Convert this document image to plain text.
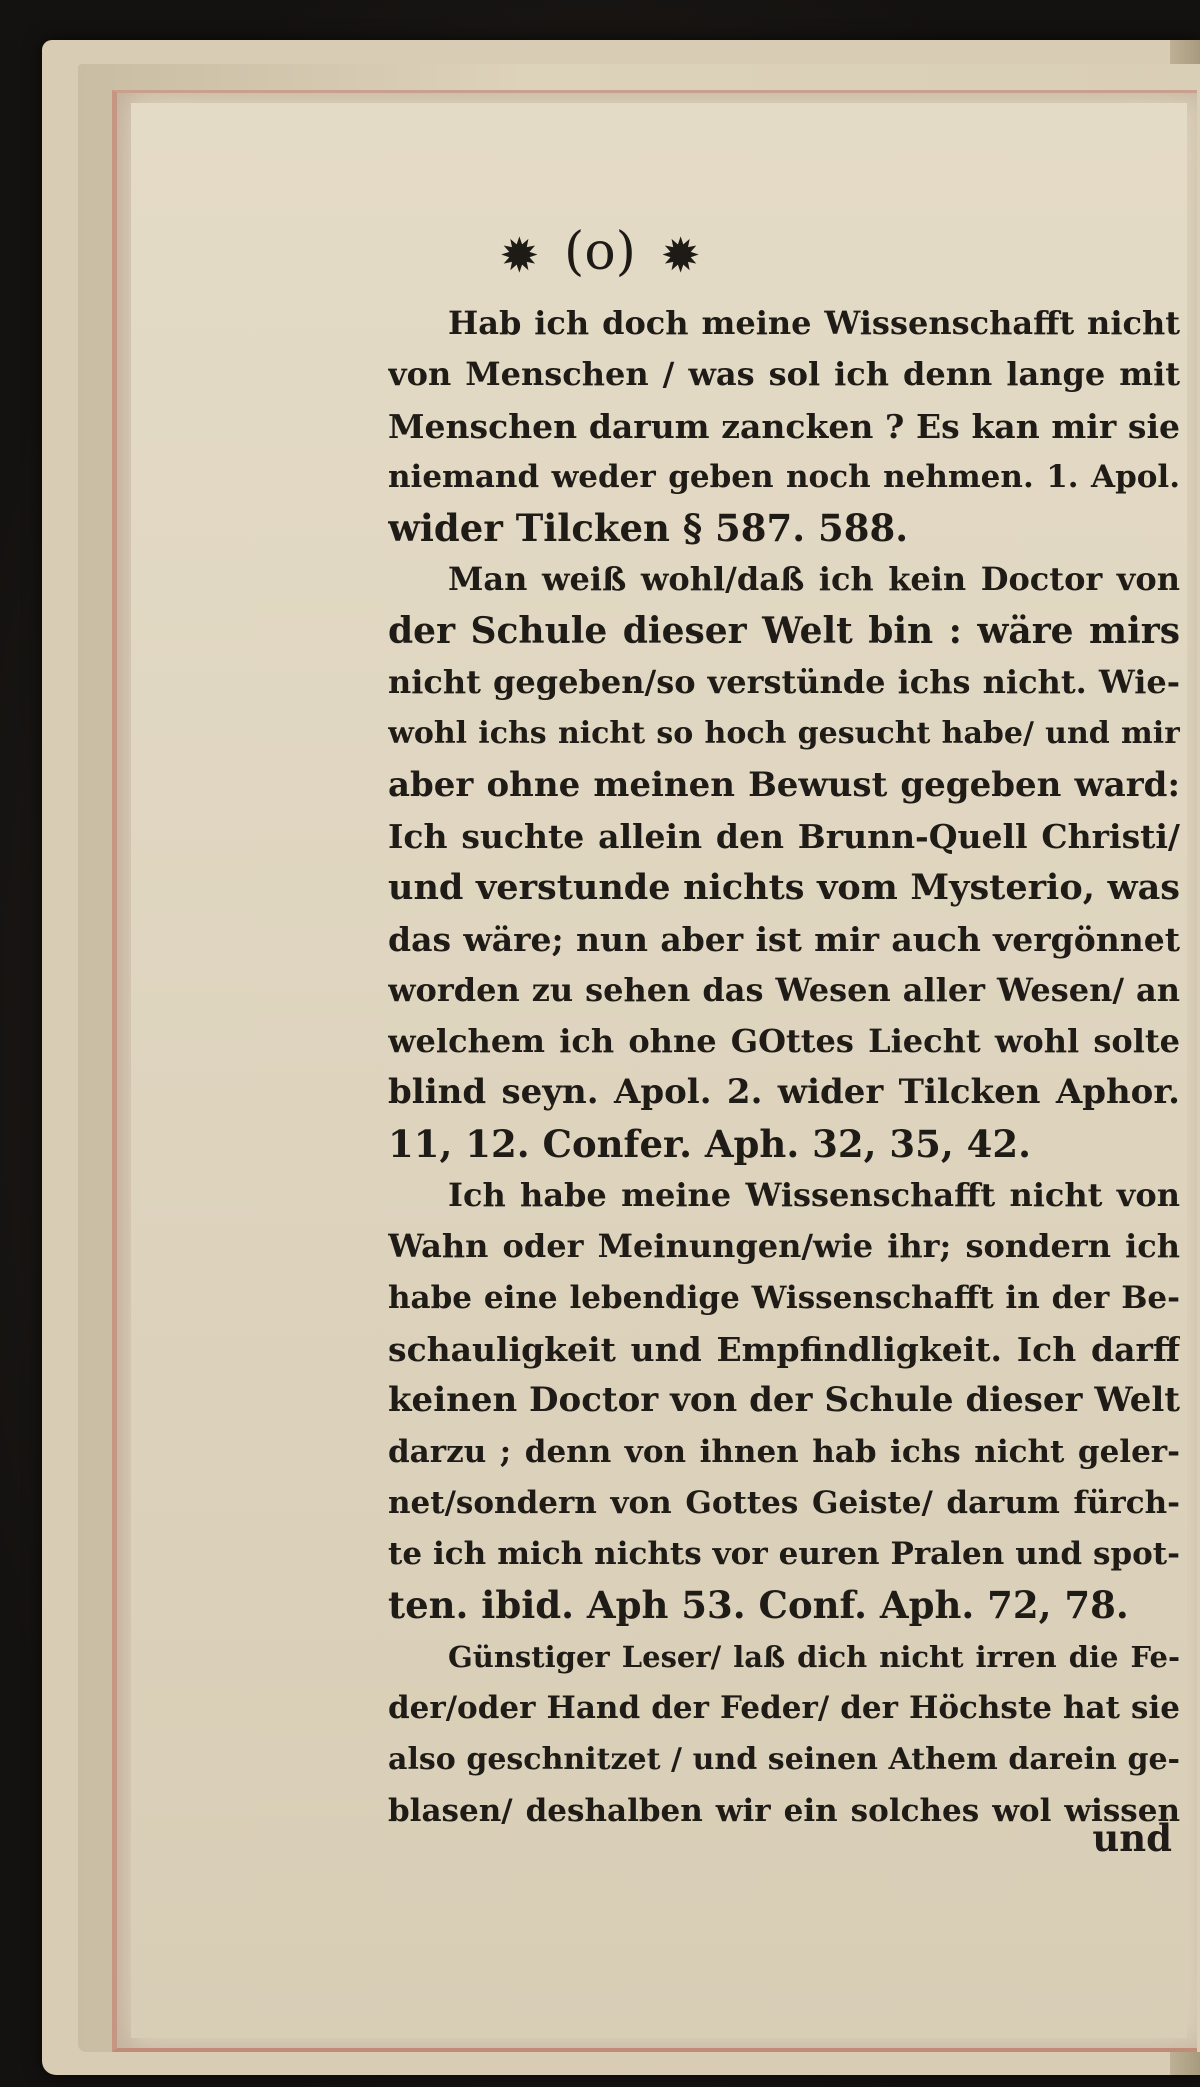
✹ (o) ✹
Hab ich doch meine Wissenschafft nicht
von Menschen / was sol ich denn lange mit
Menschen darum zancken ? Es kan mir sie
niemand weder geben noch nehmen. 1. Apol.
wider Tilcken § 587. 588.
Man weiß wohl/daß ich kein Doctor von
der Schule dieser Welt bin : wäre mirs
nicht gegeben/so verstünde ichs nicht. Wie-
wohl ichs nicht so hoch gesucht habe/ und mir
aber ohne meinen Bewust gegeben ward:
Ich suchte allein den Brunn-Quell Christi/
und verstunde nichts vom Mysterio, was
das wäre; nun aber ist mir auch vergönnet
worden zu sehen das Wesen aller Wesen/ an
welchem ich ohne GOttes Liecht wohl solte
blind seyn. Apol. 2. wider Tilcken Aphor.
11, 12. Confer. Aph. 32, 35, 42.
Ich habe meine Wissenschafft nicht von
Wahn oder Meinungen/wie ihr; sondern ich
habe eine lebendige Wissenschafft in der Be-
schauligkeit und Empfindligkeit. Ich darff
keinen Doctor von der Schule dieser Welt
darzu ; denn von ihnen hab ichs nicht geler-
net/sondern von Gottes Geiste/ darum fürch-
te ich mich nichts vor euren Pralen und spot-
ten. ibid. Aph 53. Conf. Aph. 72, 78.
Günstiger Leser/ laß dich nicht irren die Fe-
der/oder Hand der Feder/ der Höchste hat sie
also geschnitzet / und seinen Athem darein ge-
blasen/ deshalben wir ein solches wol wissen
und
